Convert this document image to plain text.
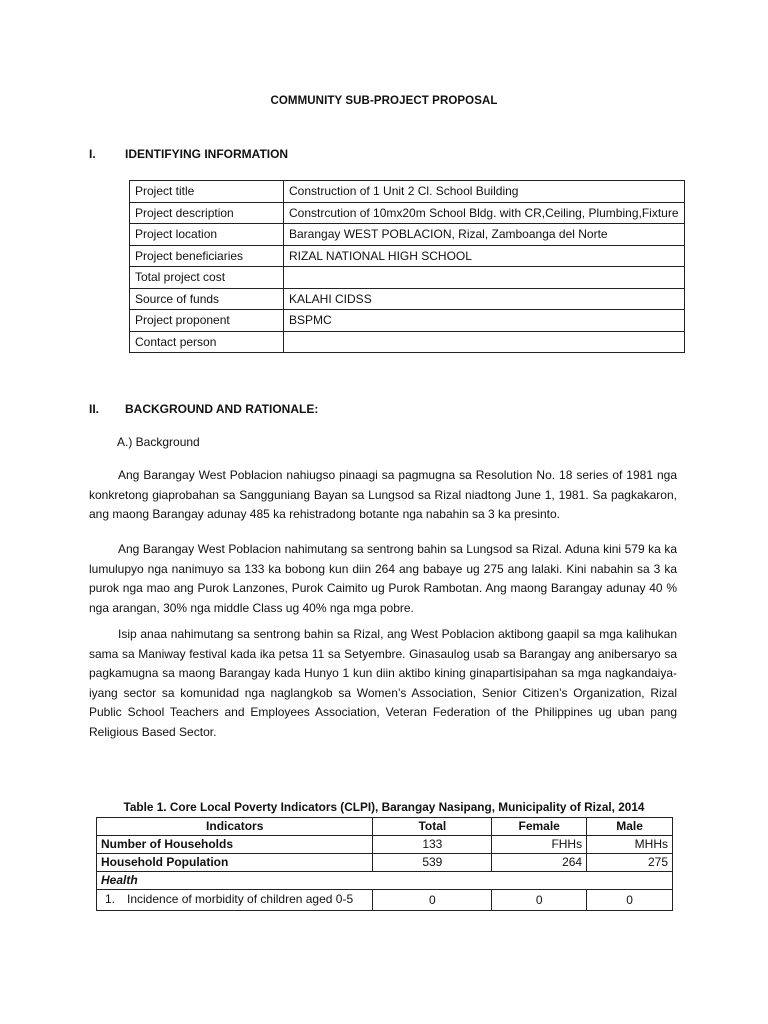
COMMUNITY SUB-PROJECT PROPOSAL
I. IDENTIFYING INFORMATION
Project title	Construction of 1 Unit 2 Cl. School Building
Project description	Constrcution of 10mx20m School Bldg. with CR,Ceiling, Plumbing,Fixture
Project location	Barangay WEST POBLACION, Rizal, Zamboanga del Norte
Project beneficiaries	RIZAL NATIONAL HIGH SCHOOL
Total project cost	
Source of funds	KALAHI CIDSS
Project proponent	BSPMC
Contact person	
II. BACKGROUND AND RATIONALE:
A.) Background
Ang Barangay West Poblacion nahiugso pinaagi sa pagmugna sa Resolution No. 18 series of 1981 nga konkretong giaprobahan sa Sangguniang Bayan sa Lungsod sa Rizal niadtong June 1, 1981. Sa pagkakaron, ang maong Barangay adunay 485 ka rehistradong botante nga nabahin sa 3 ka presinto.
Ang Barangay West Poblacion nahimutang sa sentrong bahin sa Lungsod sa Rizal. Aduna kini 579 ka ka lumulupyo nga nanimuyo sa 133 ka bobong kun diin 264 ang babaye ug 275 ang lalaki. Kini nabahin sa 3 ka purok nga mao ang Purok Lanzones, Purok Caimito ug Purok Rambotan. Ang maong Barangay adunay 40 % nga arangan, 30% nga middle Class ug 40% nga mga pobre.
Isip anaa nahimutang sa sentrong bahin sa Rizal, ang West Poblacion aktibong gaapil sa mga kalihukan sama sa Maniway festival kada ika petsa 11 sa Setyembre. Ginasaulog usab sa Barangay ang anibersaryo sa pagkamugna sa maong Barangay kada Hunyo 1 kun diin aktibo kining ginapartisipahan sa mga nagkandaiya-iyang sector sa komunidad nga naglangkob sa Women’s Association, Senior Citizen’s Organization, Rizal Public School Teachers and Employees Association, Veteran Federation of the Philippines ug uban pang Religious Based Sector.
Table 1. Core Local Poverty Indicators (CLPI), Barangay Nasipang, Municipality of Rizal, 2014
Indicators	Total	Female	Male
Number of Households	133	FHHs	MHHs
Household Population	539	264	275
Health			

1. Incidence of morbidity of children aged 0-5	0	0	0
